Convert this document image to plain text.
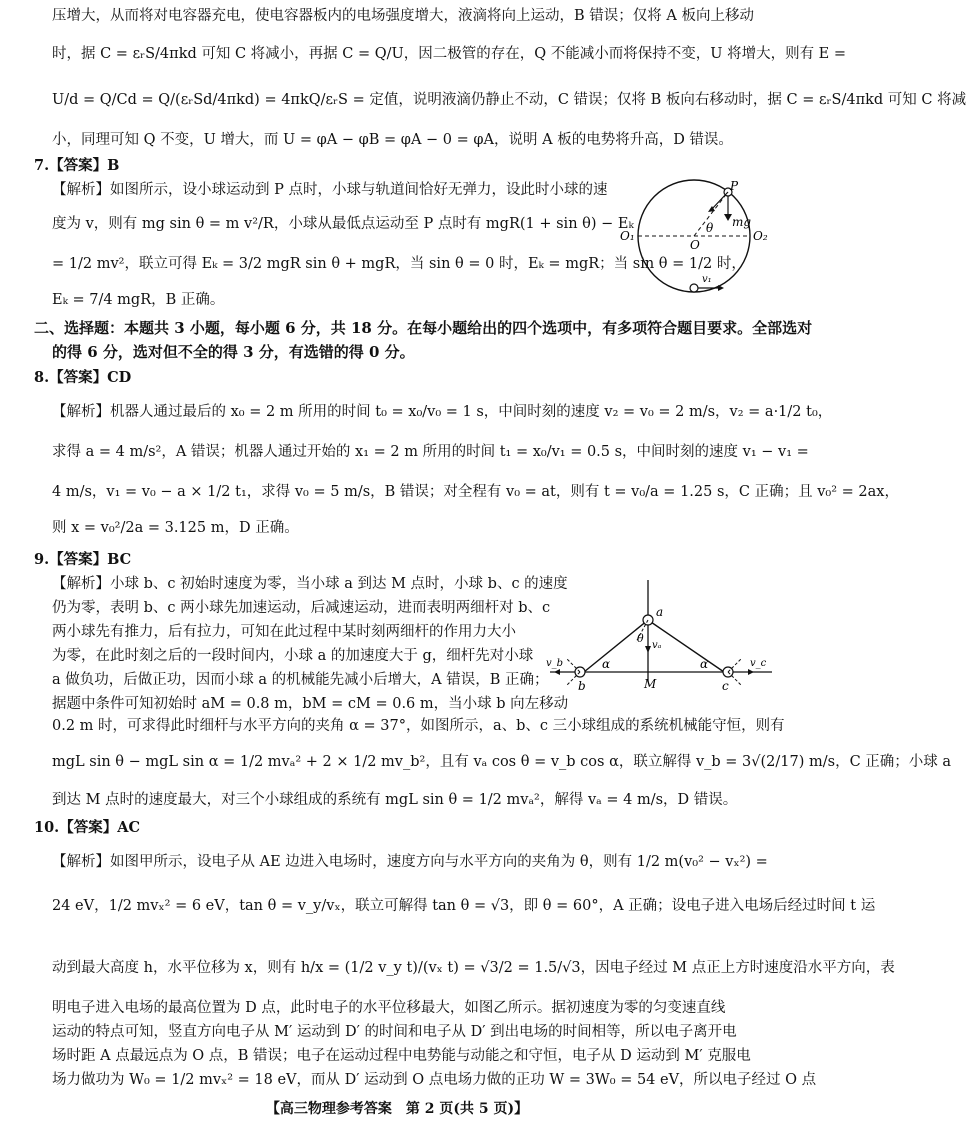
压增大，从而将对电容器充电，使电容器板内的电场强度增大，液滴将向上运动，B 错误；仅将 A 板向上移动
时，据 C = εᵣS/4πkd 可知 C 将减小，再据 C = Q/U，因二极管的存在，Q 不能减小而将保持不变，U 将增大，则有 E =
U/d = Q/Cd = Q/(εᵣSd/4πkd) = 4πkQ/εᵣS = 定值，说明液滴仍静止不动，C 错误；仅将 B 板向右移动时，据 C = εᵣS/4πkd 可知 C 将减
小，同理可知 Q 不变，U 增大，而 U = φA − φB = φA − 0 = φA，说明 A 板的电势将升高，D 错误。
7.【答案】B
【解析】如图所示，设小球运动到 P 点时，小球与轨道间恰好无弹力，设此时小球的速
度为 v，则有 mg sin θ = m v²/R，小球从最低点运动至 P 点时有 mgR(1 + sin θ) − Eₖ
= 1/2 mv²，联立可得 Eₖ = 3/2 mgR sin θ + mgR，当 sin θ = 0 时，Eₖ = mgR；当 sin θ = 1/2 时，
Eₖ = 7/4 mgR，B 正确。
P
O
O₁	O₂
θ mg
v₁
二、选择题：本题共 3 小题，每小题 6 分，共 18 分。在每小题给出的四个选项中，有多项符合题目要求。全部选对
的得 6 分，选对但不全的得 3 分，有选错的得 0 分。
8.【答案】CD
【解析】机器人通过最后的 x₀ = 2 m 所用的时间 t₀ = x₀/v₀ = 1 s，中间时刻的速度 v₂ = v₀ = 2 m/s，v₂ = a·1/2 t₀，
求得 a = 4 m/s²，A 错误；机器人通过开始的 x₁ = 2 m 所用的时间 t₁ = x₀/v₁ = 0.5 s，中间时刻的速度 v₁ − v₁ =
4 m/s，v₁ = v₀ − a × 1/2 t₁，求得 v₀ = 5 m/s，B 错误；对全程有 v₀ = at，则有 t = v₀/a = 1.25 s，C 正确；且 v₀² = 2ax，
则 x = v₀²/2a = 3.125 m，D 正确。
9.【答案】BC
【解析】小球 b、c 初始时速度为零，当小球 a 到达 M 点时，小球 b、c 的速度
仍为零，表明 b、c 两小球先加速运动，后减速运动，进而表明两细杆对 b、c
两小球先有推力，后有拉力，可知在此过程中某时刻两细杆的作用力大小
为零，在此时刻之后的一段时间内，小球 a 的加速度大于 g，细杆先对小球
a 做负功，后做正功，因而小球 a 的机械能先减小后增大，A 错误，B 正确；
据题中条件可知初始时 aM = 0.8 m，bM = cM = 0.6 m，当小球 b 向左移动
a
b	c
M
α	α
θ
vₐ
v_b	v_c
0.2 m 时，可求得此时细杆与水平方向的夹角 α = 37°，如图所示，a、b、c 三小球组成的系统机械能守恒，则有
mgL sin θ − mgL sin α = 1/2 mvₐ² + 2 × 1/2 mv_b²，且有 vₐ cos θ = v_b cos α，联立解得 v_b = 3√(2/17) m/s，C 正确；小球 a
到达 M 点时的速度最大，对三个小球组成的系统有 mgL sin θ = 1/2 mvₐ²，解得 vₐ = 4 m/s，D 错误。
10.【答案】AC
【解析】如图甲所示，设电子从 AE 边进入电场时，速度方向与水平方向的夹角为 θ，则有 1/2 m(v₀² − vₓ²) =
24 eV，1/2 mvₓ² = 6 eV，tan θ = v_y/vₓ，联立可解得 tan θ = √3，即 θ = 60°，A 正确；设电子进入电场后经过时间 t 运
动到最大高度 h，水平位移为 x，则有 h/x = (1/2 v_y t)/(vₓ t) = √3/2 = 1.5/√3，因电子经过 M 点正上方时速度沿水平方向，表
明电子进入电场的最高位置为 D 点，此时电子的水平位移最大，如图乙所示。据初速度为零的匀变速直线
运动的特点可知，竖直方向电子从 M′ 运动到 D′ 的时间和电子从 D′ 到出电场的时间相等，所以电子离开电
场时距 A 点最远点为 O 点，B 错误；电子在运动过程中电势能与动能之和守恒，电子从 D 运动到 M′ 克服电
场力做功为 W₀ = 1/2 mvₓ² = 18 eV，而从 D′ 运动到 O 点电场力做的正功 W = 3W₀ = 54 eV，所以电子经过 O 点
【高三物理参考答案　第 2 页(共 5 页)】
